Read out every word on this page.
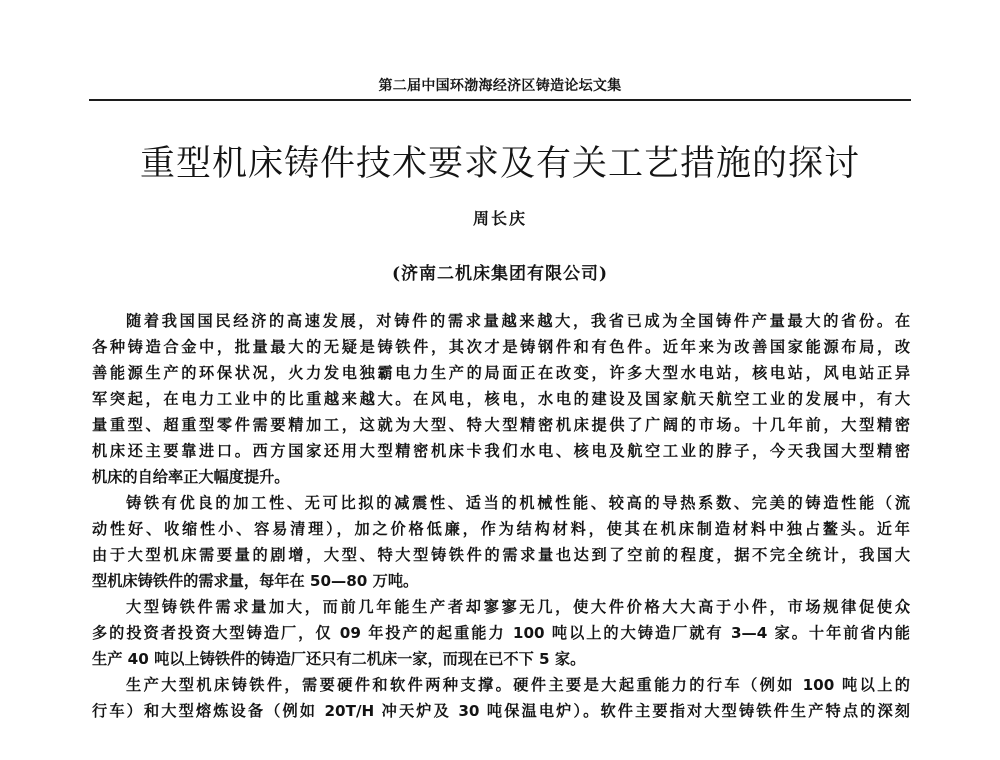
第二届中国环渤海经济区铸造论坛文集
重型机床铸件技术要求及有关工艺措施的探讨
周长庆
(济南二机床集团有限公司)
随着我国国民经济的高速发展，对铸件的需求量越来越大，我省已成为全国铸件产量最大的省份。在
各种铸造合金中，批量最大的无疑是铸铁件，其次才是铸钢件和有色件。近年来为改善国家能源布局，改
善能源生产的环保状况，火力发电独霸电力生产的局面正在改变，许多大型水电站，核电站，风电站正异
军突起，在电力工业中的比重越来越大。在风电，核电，水电的建设及国家航天航空工业的发展中，有大
量重型、超重型零件需要精加工，这就为大型、特大型精密机床提供了广阔的市场。十几年前，大型精密
机床还主要靠进口。西方国家还用大型精密机床卡我们水电、核电及航空工业的脖子，今天我国大型精密
机床的自给率正大幅度提升。
铸铁有优良的加工性、无可比拟的减震性、适当的机械性能、较高的导热系数、完美的铸造性能（流
动性好、收缩性小、容易清理），加之价格低廉，作为结构材料，使其在机床制造材料中独占鳌头。近年
由于大型机床需要量的剧增，大型、特大型铸铁件的需求量也达到了空前的程度，据不完全统计，我国大
型机床铸铁件的需求量，每年在 50—80 万吨。
大型铸铁件需求量加大，而前几年能生产者却寥寥无几，使大件价格大大高于小件，市场规律促使众
多的投资者投资大型铸造厂，仅 09 年投产的起重能力 100 吨以上的大铸造厂就有 3—4 家。十年前省内能
生产 40 吨以上铸铁件的铸造厂还只有二机床一家，而现在已不下 5 家。
生产大型机床铸铁件，需要硬件和软件两种支撑。硬件主要是大起重能力的行车（例如 100 吨以上的
行车）和大型熔炼设备（例如 20T/H 冲天炉及 30 吨保温电炉）。软件主要指对大型铸铁件生产特点的深刻
